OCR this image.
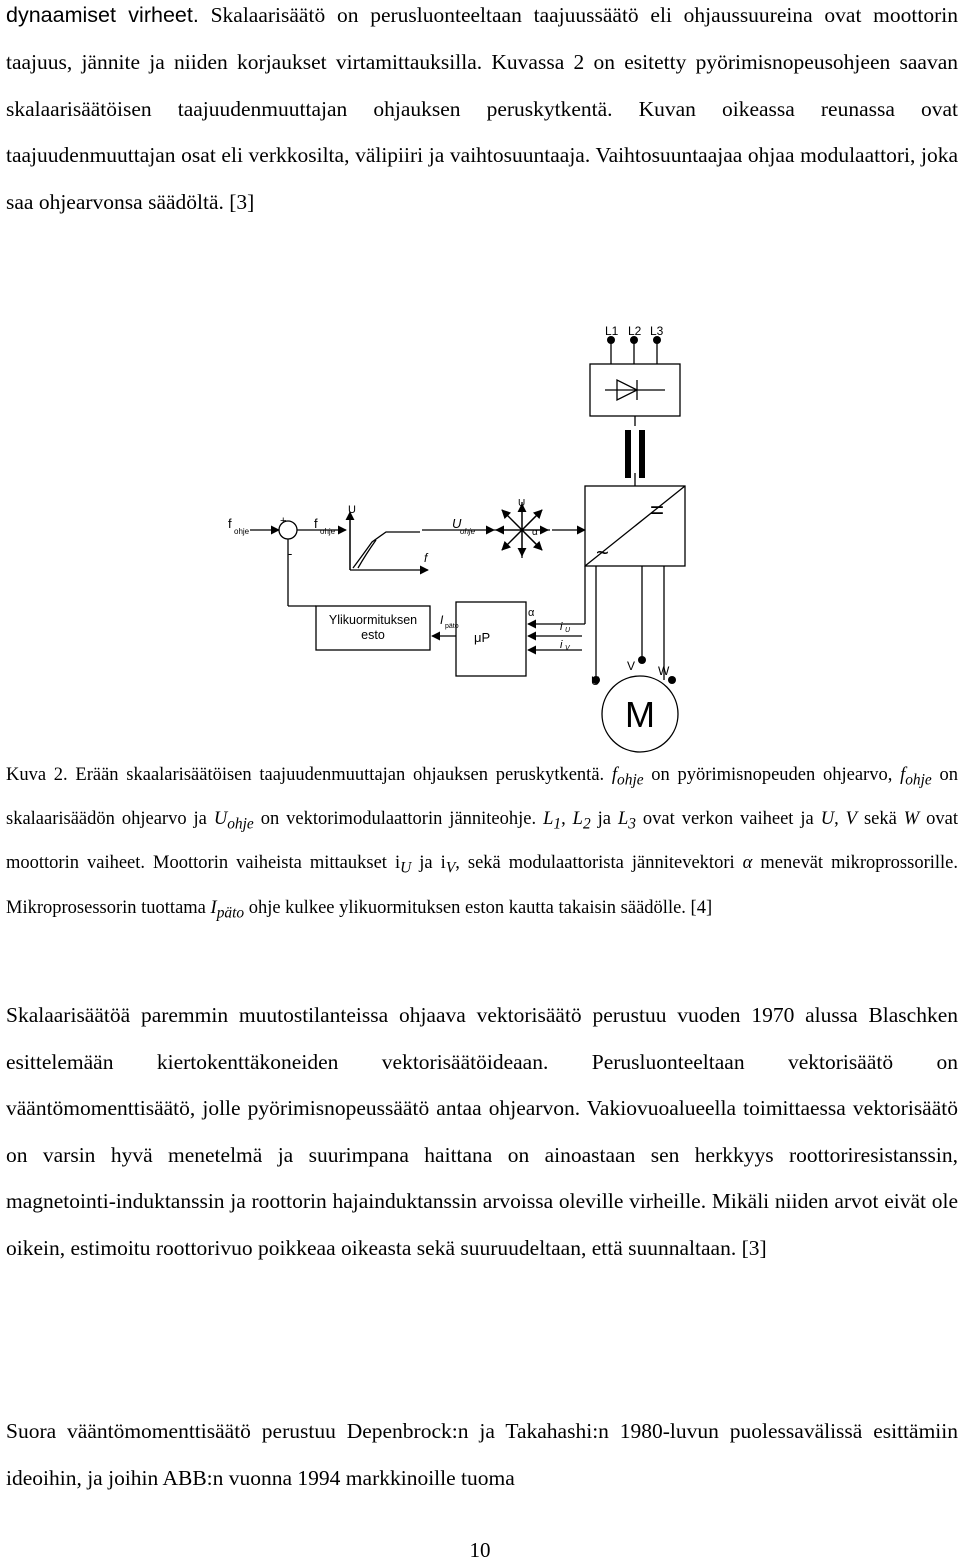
dynaamiset virheet. Skalaarisäätö on perusluonteeltaan taajuussäätö eli ohjaussuureina ovat moottorin taajuus, jännite ja niiden korjaukset virtamittauksilla. Kuvassa 2 on esitetty pyörimisnopeusohjeen saavan skalaarisäätöisen taajuudenmuuttajan ohjauksen peruskytkentä. Kuvan oikeassa reunassa ovat taajuudenmuuttajan osat eli verkkosilta, välipiiri ja vaihtosuuntaaja. Vaihtosuuntaajaa ohjaa modulaattori, joka saa ohjearvonsa säädöltä. [3]

L1 L2 L3
f
ohje
+
-
f
ohje
U
f
U
ohje
U
α
=
~
Ylikuormituksen
esto
I päto
μP
α
i U
i V
U
V W
M

Kuva 2. Erään skaalarisäätöisen taajuudenmuuttajan ohjauksen peruskytkentä. $f_{ohje}$ on pyörimisnopeuden ohjearvo, $f_{ohje}$ on skalaarisäädön ohjearvo ja $U_{ohje}$ on vektorimodulaattorin jänniteohje. $L_1$, $L_2$ ja $L_3$ ovat verkon vaiheet ja U, V sekä W ovat moottorin vaiheet. Moottorin vaiheista mittaukset $i_U$ ja $i_V$, sekä modulaattorista jännitevektori α menevät mikroprossorille. Mikroprosessorin tuottama $I_{päto}$ ohje kulkee ylikuormituksen eston kautta takaisin säädölle. [4]

Skalaarisäätöä paremmin muutostilanteissa ohjaava vektorisäätö perustuu vuoden 1970 alussa Blaschken esittelemään kiertokenttäkoneiden vektorisäätöideaan. Perusluonteeltaan vektorisäätö on vääntömomenttisäätö, jolle pyörimisnopeussäätö antaa ohjearvon. Vakiovuoalueella toimittaessa vektorisäätö on varsin hyvä menetelmä ja suurimpana haittana on ainoastaan sen herkkyys roottoriresistanssin, magnetointi-induktanssin ja roottorin hajainduktanssin arvoissa oleville virheille. Mikäli niiden arvot eivät ole oikein, estimoitu roottorivuo poikkeaa oikeasta sekä suuruudeltaan, että suunnaltaan. [3]

Suora vääntömomenttisäätö perustuu Depenbrock:n ja Takahashi:n 1980-luvun puolessavälissä esittämiin ideoihin, ja joihin ABB:n vuonna 1994 markkinoille tuoma

10
